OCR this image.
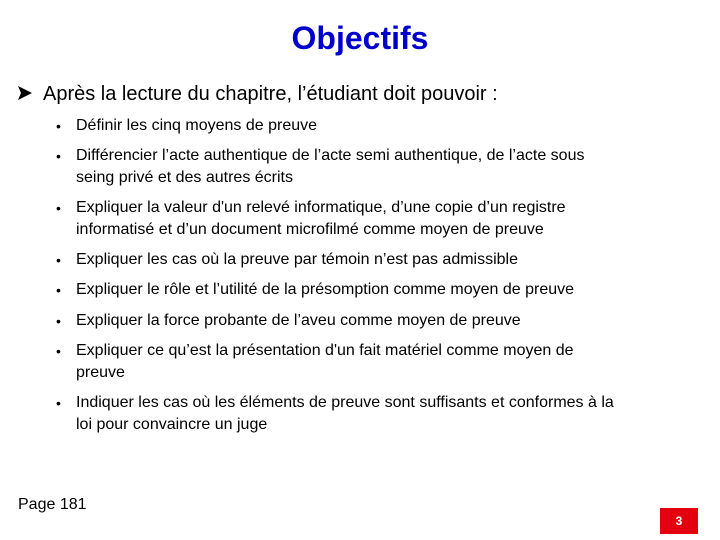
Objectifs
Après la lecture du chapitre, l’étudiant doit pouvoir :
• Définir les cinq moyens de preuve
• Différencier l’acte authentique de l’acte semi authentique, de l’acte sous
seing privé et des autres écrits
• Expliquer la valeur d'un relevé informatique, d’une copie d’un registre
informatisé et d’un document microfilmé comme moyen de preuve
• Expliquer les cas où la preuve par témoin n’est pas admissible
• Expliquer le rôle et l’utilité de la présomption comme moyen de preuve
• Expliquer la force probante de l’aveu comme moyen de preuve
• Expliquer ce qu’est la présentation d'un fait matériel comme moyen de
preuve
• Indiquer les cas où les éléments de preuve sont suffisants et conformes à la
loi pour convaincre un juge
Page 181
3
